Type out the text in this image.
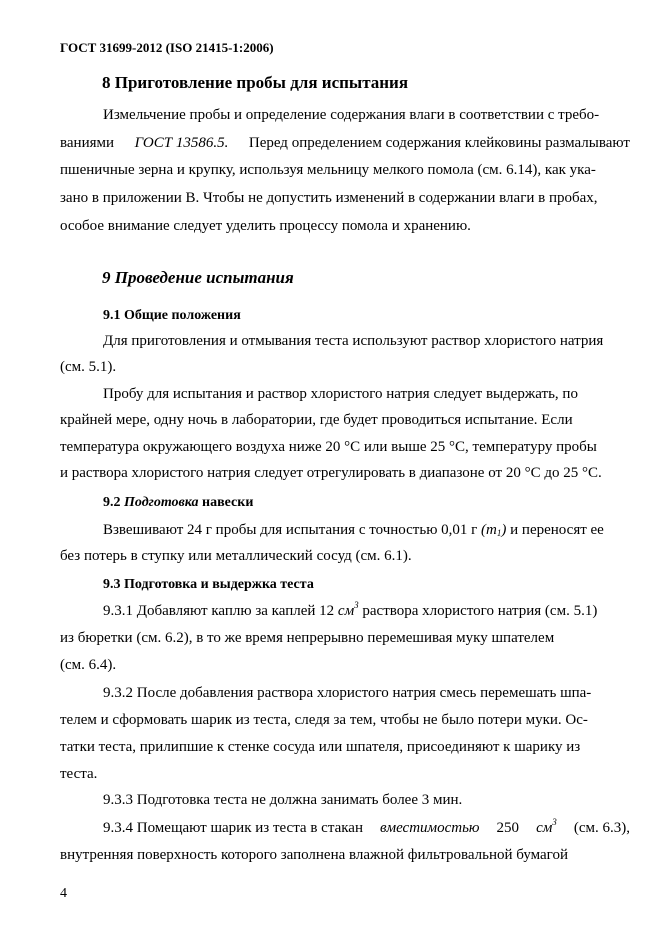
ГОСТ 31699-2012 (ISO 21415-1:2006)
8 Приготовление пробы для испытания
Измельчение пробы и определение содержания влаги в соответствии с требо-
ваниями ГОСТ 13586.5. Перед определением содержания клейковины размалывают
пшеничные зерна и крупку, используя мельницу мелкого помола (см. 6.14), как ука-
зано в приложении В. Чтобы не допустить изменений в содержании влаги в пробах,
особое внимание следует уделить процессу помола и хранению.
9 Проведение испытания
9.1 Общие положения
Для приготовления и отмывания теста используют раствор хлористого натрия
(см. 5.1).
Пробу для испытания и раствор хлористого натрия следует выдержать, по
крайней мере, одну ночь в лаборатории, где будет проводиться испытание. Если
температура окружающего воздуха ниже 20 °С или выше 25 °С, температуру пробы
и раствора хлористого натрия следует отрегулировать в диапазоне от 20 °С до 25 °С.
9.2 Подготовка навески
Взвешивают 24 г пробы для испытания с точностью 0,01 г $(m_1)$ и переносят ее
без потерь в ступку или металлический сосуд (см. 6.1).
9.3 Подготовка и выдержка теста
9.3.1 Добавляют каплю за каплей 12 $см^3$ раствора хлористого натрия (см. 5.1)
из бюретки (см. 6.2), в то же время непрерывно перемешивая муку шпателем
(см. 6.4).
9.3.2 После добавления раствора хлористого натрия смесь перемешать шпа-
телем и сформовать шарик из теста, следя за тем, чтобы не было потери муки. Ос-
татки теста, прилипшие к стенке сосуда или шпателя, присоединяют к шарику из
теста.
9.3.3 Подготовка теста не должна занимать более 3 мин.
9.3.4 Помещают шарик из теста в стакан вместимостью 250 $см^3$ (см. 6.3),
внутренняя поверхность которого заполнена влажной фильтровальной бумагой
4
